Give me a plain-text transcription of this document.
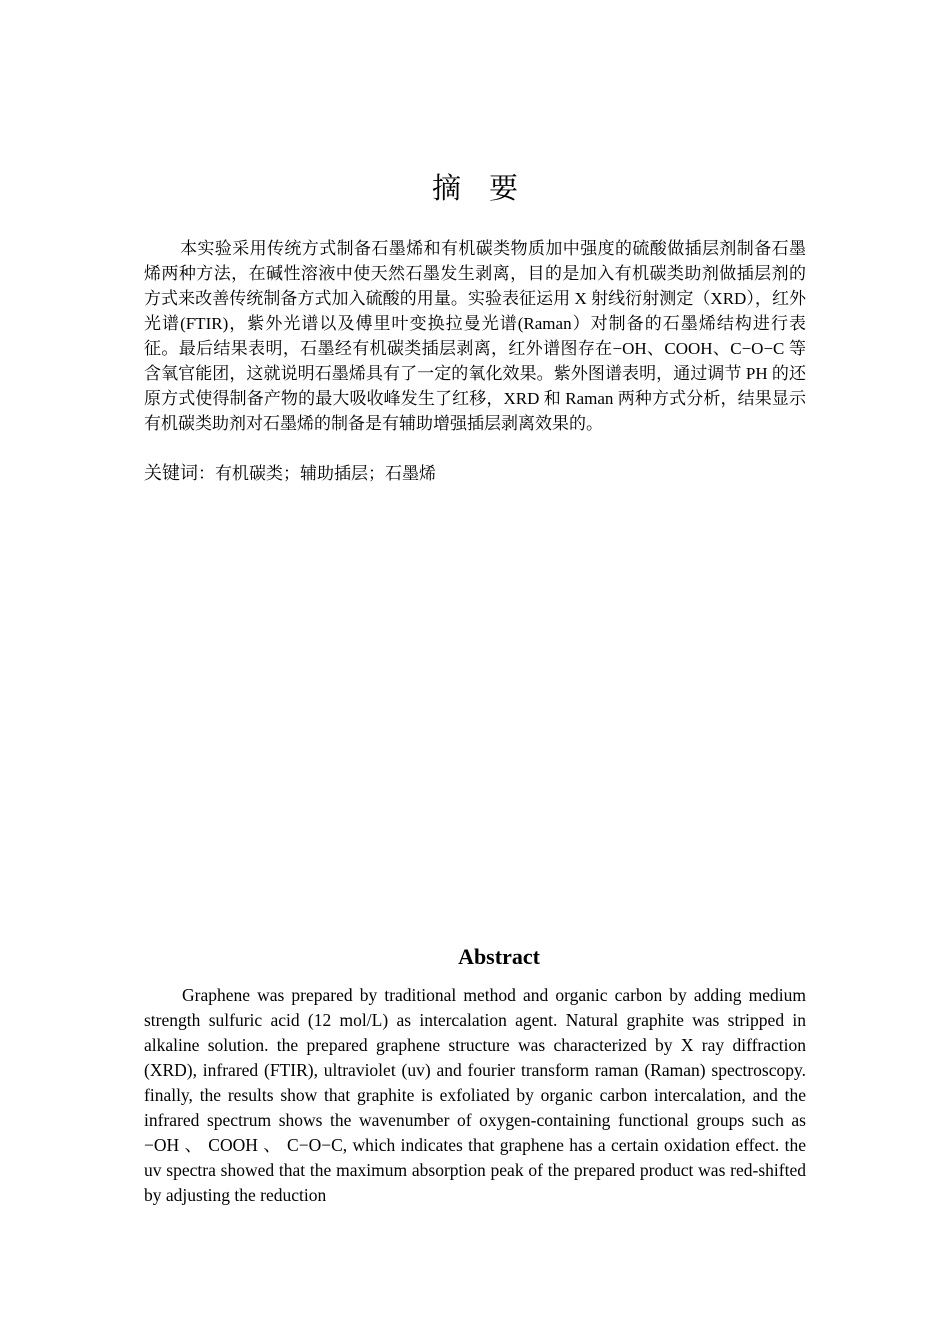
摘要

本实验采用传统方式制备石墨烯和有机碳类物质加中强度的硫酸做插层剂制备石墨烯两种方法，在碱性溶液中使天然石墨发生剥离，目的是加入有机碳类助剂做插层剂的方式来改善传统制备方式加入硫酸的用量。实验表征运用 X 射线衍射测定（XRD），红外光谱(FTIR)，紫外光谱以及傅里叶变换拉曼光谱(Raman）对制备的石墨烯结构进行表征。最后结果表明，石墨经有机碳类插层剥离，红外谱图存在−OH、COOH、C−O−C 等含氧官能团，这就说明石墨烯具有了一定的氧化效果。紫外图谱表明，通过调节 PH 的还原方式使得制备产物的最大吸收峰发生了红移，XRD 和 Raman 两种方式分析，结果显示有机碳类助剂对石墨烯的制备是有辅助增强插层剥离效果的。

关键词：有机碳类；辅助插层；石墨烯
Abstract

Graphene was prepared by traditional method and organic carbon by adding medium strength sulfuric acid (12 mol/L) as intercalation agent. Natural graphite was stripped in alkaline solution. the prepared graphene structure was characterized by X ray diffraction (XRD), infrared (FTIR), ultraviolet (uv) and fourier transform raman (Raman) spectroscopy. finally, the results show that graphite is exfoliated by organic carbon intercalation, and the infrared spectrum shows the wavenumber of oxygen-containing functional groups such as −OH 、 COOH 、 C−O−C, which indicates that graphene has a certain oxidation effect. the uv spectra showed that the maximum absorption peak of the prepared product was red-shifted by adjusting the reduction
